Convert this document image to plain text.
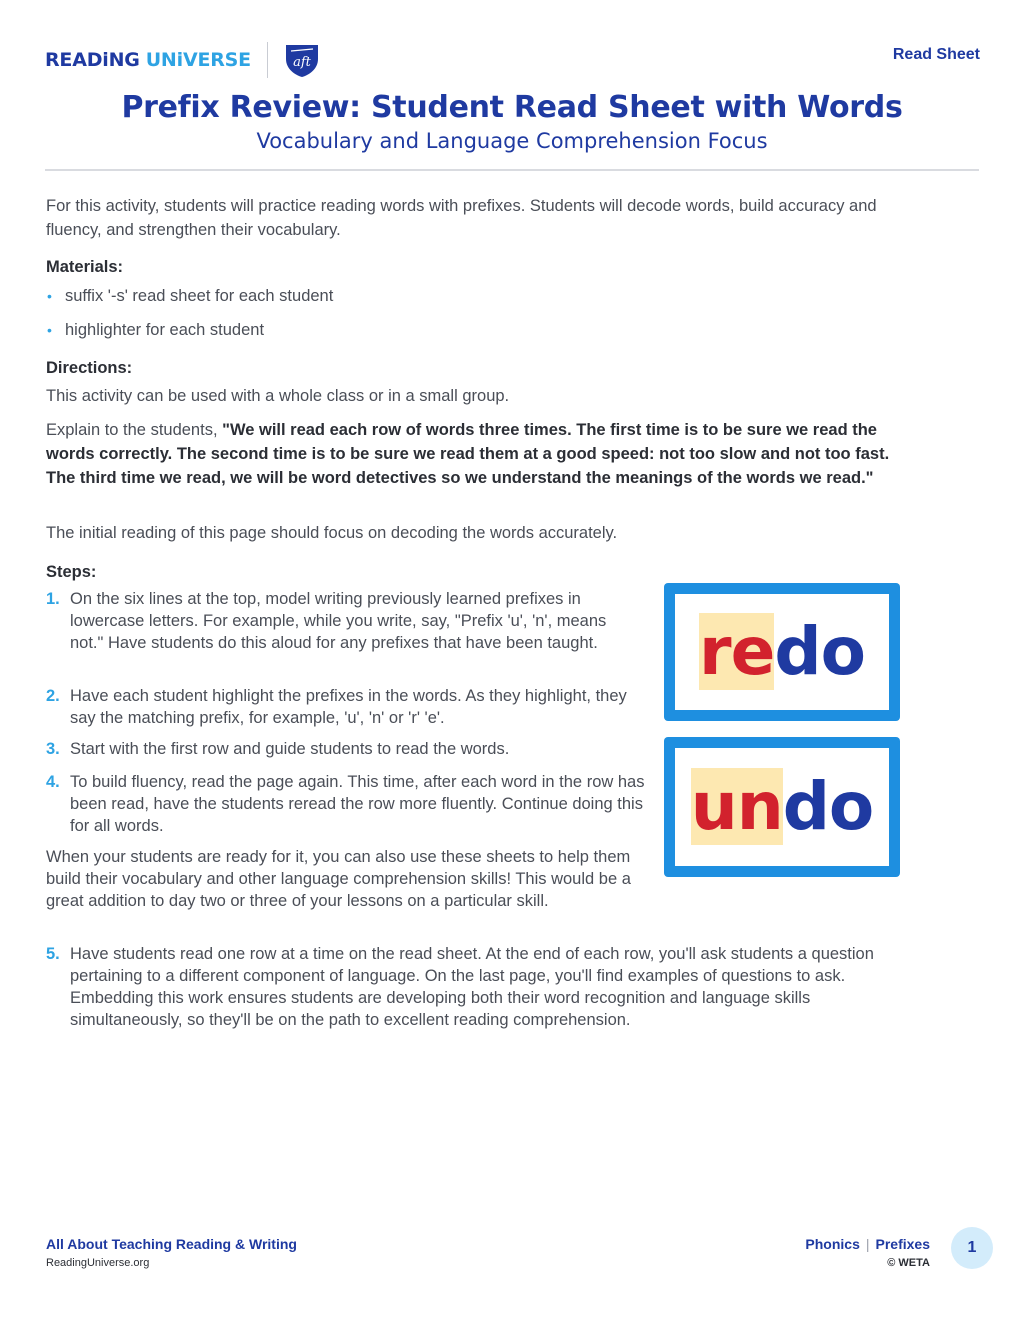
READiNG UNiVERSE	aft	Read Sheet
Prefix Review: Student Read Sheet with Words
Vocabulary and Language Comprehension Focus

For this activity, students will practice reading words with prefixes. Students will decode words, build accuracy and fluency, and strengthen their vocabulary.

Materials:

• suffix '-s' read sheet for each student
• highlighter for each student

Directions:

This activity can be used with a whole class or in a small group.

Explain to the students, "We will read each row of words three times. The first time is to be sure we read the words correctly. The second time is to be sure we read them at a good speed: not too slow and not too fast. The third time we read, we will be word detectives so we understand the meanings of the words we read."

The initial reading of this page should focus on decoding the words accurately.

Steps:

1. On the six lines at the top, model writing previously learned prefixes in lowercase letters. For example, while you write, say, "Prefix 'u', 'n', means not." Have students do this aloud for any prefixes that have been taught.
2. Have each student highlight the prefixes in the words. As they highlight, they say the matching prefix, for example, 'u', 'n' or 'r' 'e'.
3. Start with the first row and guide students to read the words.
4. To build fluency, read the page again. This time, after each word in the row has been read, have the students reread the row more fluently. Continue doing this for all words.

When your students are ready for it, you can also use these sheets to help them build their vocabulary and other language comprehension skills! This would be a great addition to day two or three of your lessons on a particular skill.

5. Have students read one row at a time on the read sheet. At the end of each row, you'll ask students a question pertaining to a different component of language. On the last page, you'll find examples of questions to ask. Embedding this work ensures students are developing both their word recognition and language skills simultaneously, so they'll be on the path to excellent reading comprehension.
redo
undo
All About Teaching Reading & Writing
ReadingUniverse.org
Phonics | Prefixes
© WETA
1
